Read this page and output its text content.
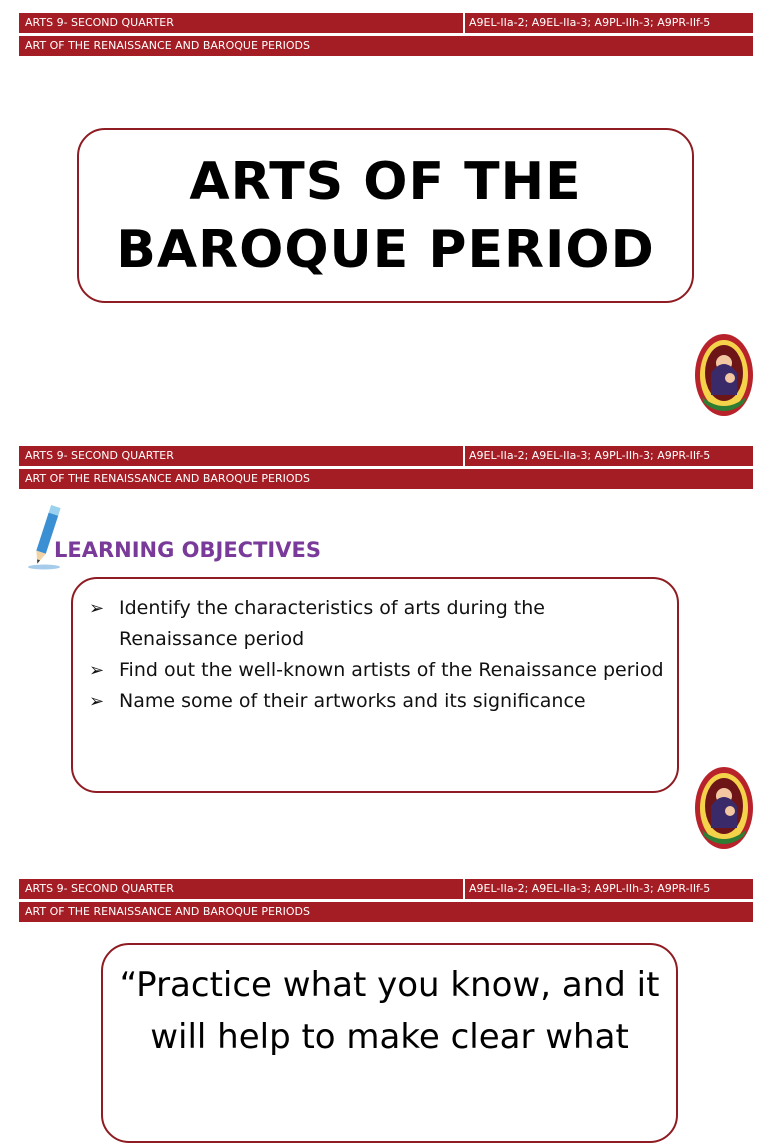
ARTS 9- SECOND QUARTER	A9EL-IIa-2; A9EL-IIa-3; A9PL-IIh-3; A9PR-IIf-5
ART OF THE RENAISSANCE AND BAROQUE PERIODS
ARTS OF THE
BAROQUE PERIOD
ARTS 9- SECOND QUARTER	A9EL-IIa-2; A9EL-IIa-3; A9PL-IIh-3; A9PR-IIf-5
ART OF THE RENAISSANCE AND BAROQUE PERIODS
LEARNING OBJECTIVES
➢ Identify the characteristics of arts during the Renaissance period
➢ Find out the well-known artists of the Renaissance period
➢ Name some of their artworks and its significance
ARTS 9- SECOND QUARTER	A9EL-IIa-2; A9EL-IIa-3; A9PL-IIh-3; A9PR-IIf-5
ART OF THE RENAISSANCE AND BAROQUE PERIODS
“Practice what you know, and it will help to make clear what
